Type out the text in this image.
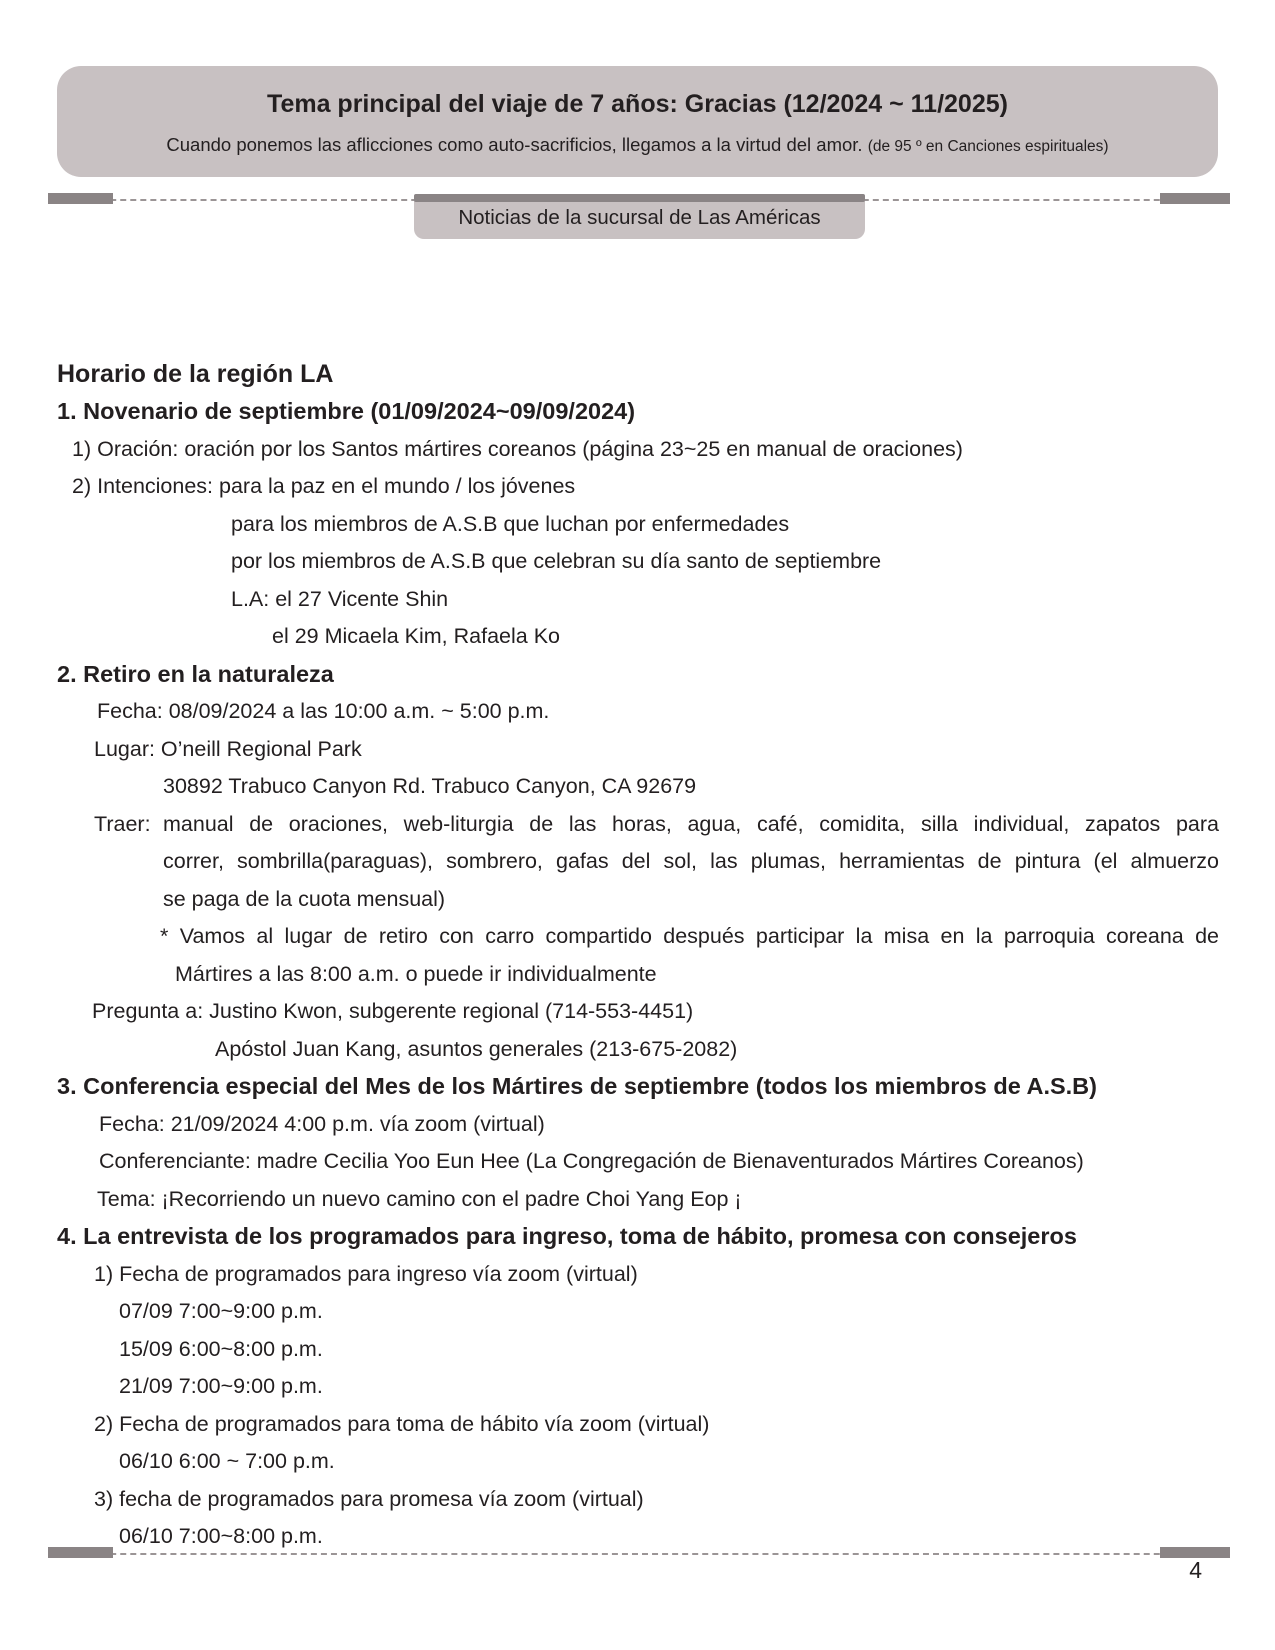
Tema principal del viaje de 7 años: Gracias (12/2024 ~ 11/2025)
Cuando ponemos las aflicciones como auto-sacrificios, llegamos a la virtud del amor. (de 95 º en Canciones espirituales)
Noticias de la sucursal de Las Américas
Horario de la región LA
1. Novenario de septiembre (01/09/2024~09/09/2024)
1) Oración: oración por los Santos mártires coreanos (página 23~25 en manual de oraciones)
2) Intenciones: para la paz en el mundo / los jóvenes
para los miembros de A.S.B que luchan por enfermedades
por los miembros de A.S.B que celebran su día santo de septiembre
L.A: el 27 Vicente Shin
el 29 Micaela Kim, Rafaela Ko
2. Retiro en la naturaleza
Fecha: 08/09/2024 a las 10:00 a.m. ~ 5:00 p.m.
Lugar: O’neill Regional Park
30892 Trabuco Canyon Rd. Trabuco Canyon, CA 92679
Traer: manual de oraciones, web-liturgia de las horas, agua, café, comidita, silla individual, zapatos para
correr, sombrilla(paraguas), sombrero, gafas del sol, las plumas, herramientas de pintura (el almuerzo
se paga de la cuota mensual)
* Vamos al lugar de retiro con carro compartido después participar la misa en la parroquia coreana de
Mártires a las 8:00 a.m. o puede ir individualmente
Pregunta a: Justino Kwon, subgerente regional (714-553-4451)
Apóstol Juan Kang, asuntos generales (213-675-2082)
3. Conferencia especial del Mes de los Mártires de septiembre (todos los miembros de A.S.B)
Fecha: 21/09/2024 4:00 p.m. vía zoom (virtual)
Conferenciante: madre Cecilia Yoo Eun Hee (La Congregación de Bienaventurados Mártires Coreanos)
Tema: ¡Recorriendo un nuevo camino con el padre Choi Yang Eop ¡
4. La entrevista de los programados para ingreso, toma de hábito, promesa con consejeros
1) Fecha de programados para ingreso vía zoom (virtual)
07/09 7:00~9:00 p.m.
15/09 6:00~8:00 p.m.
21/09 7:00~9:00 p.m.
2) Fecha de programados para toma de hábito vía zoom (virtual)
06/10 6:00 ~ 7:00 p.m.
3) fecha de programados para promesa vía zoom (virtual)
06/10 7:00~8:00 p.m.
4
